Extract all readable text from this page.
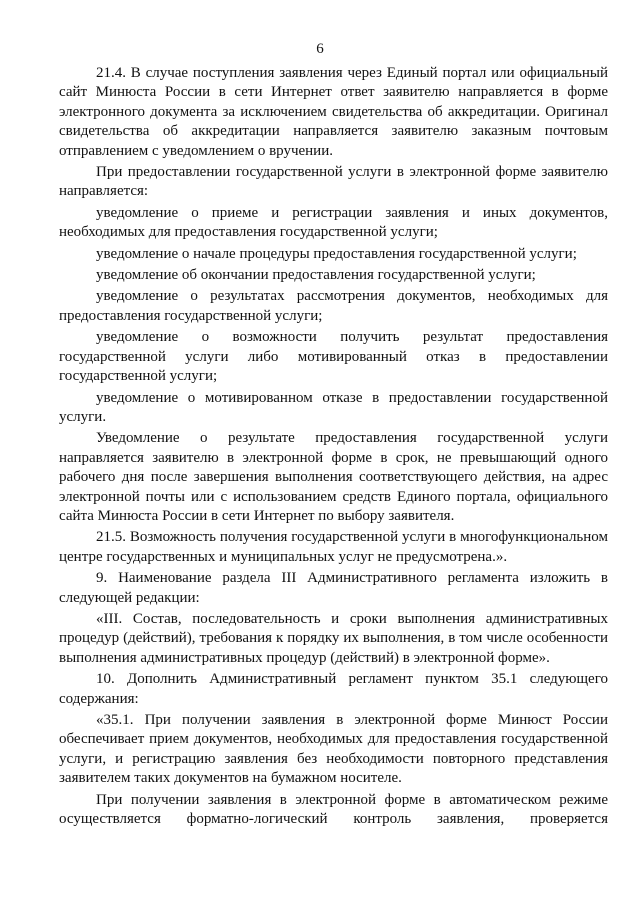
6

21.4. В случае поступления заявления через Единый портал или официальный сайт Минюста России в сети Интернет ответ заявителю направляется в форме электронного документа за исключением свидетельства об аккредитации. Оригинал свидетельства об аккредитации направляется заявителю заказным почтовым отправлением с уведомлением о вручении.

При предоставлении государственной услуги в электронной форме заявителю направляется:

уведомление о приеме и регистрации заявления и иных документов, необходимых для предоставления государственной услуги;

уведомление о начале процедуры предоставления государственной услуги;

уведомление об окончании предоставления государственной услуги;

уведомление о результатах рассмотрения документов, необходимых для предоставления государственной услуги;

уведомление о возможности получить результат предоставления государственной услуги либо мотивированный отказ в предоставлении государственной услуги;

уведомление о мотивированном отказе в предоставлении государственной услуги.

Уведомление о результате предоставления государственной услуги направляется заявителю в электронной форме в срок, не превышающий одного рабочего дня после завершения выполнения соответствующего действия, на адрес электронной почты или с использованием средств Единого портала, официального сайта Минюста России в сети Интернет по выбору заявителя.

21.5. Возможность получения государственной услуги в многофункциональном центре государственных и муниципальных услуг не предусмотрена.».

9. Наименование раздела III Административного регламента изложить в следующей редакции:

«III. Состав, последовательность и сроки выполнения административных процедур (действий), требования к порядку их выполнения, в том числе особенности выполнения административных процедур (действий) в электронной форме».

10. Дополнить Административный регламент пунктом 35.1 следующего содержания:

«35.1. При получении заявления в электронной форме Минюст России обеспечивает прием документов, необходимых для предоставления государственной услуги, и регистрацию заявления без необходимости повторного представления заявителем таких документов на бумажном носителе.

При получении заявления в электронной форме в автоматическом режиме осуществляется форматно-логический контроль заявления, проверяется
